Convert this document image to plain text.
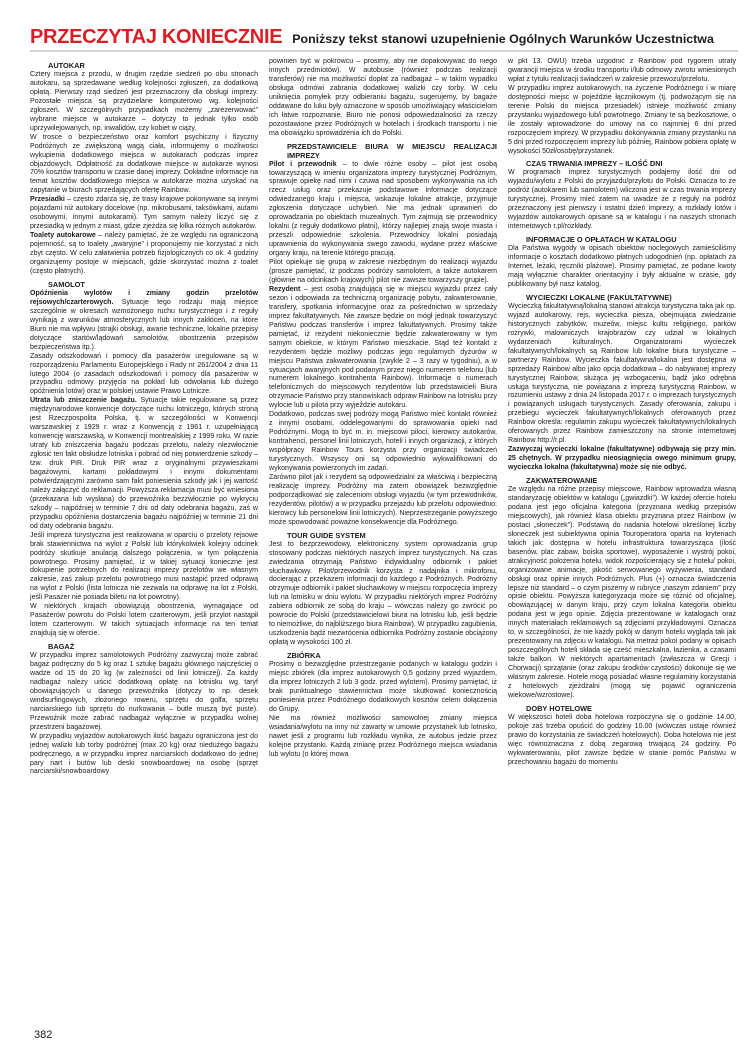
PRZECZYTAJ KONIECZNIE Poniższy tekst stanowi uzupełnienie Ogólnych Warunków Uczestnictwa
AUTOKAR

Cztery miejsca z przodu, w drugim rzędzie siedzeń po obu stronach autokaru, są sprzedawane według kolejności zgłoszeń, za dodatkową opłatą. Pierwszy rząd siedzeń jest przeznaczony dla obsługi imprezy. Pozostałe miejsca są przydzielane komputerowo wg. kolejności zgłoszeń. W szczególnych przypadkach możemy „zarezerwować” wybrane miejsce w autokarze – dotyczy to jednak tylko osób uprzywilejowanych, np. inwalidów, czy kobiet w ciąży.

W trosce o bezpieczeństwo oraz komfort psychiczny i fizyczny Podróżnych ze zwiększoną wagą ciała, informujemy o możliwości wykupienia dodatkowego miejsca w autokarach podczas imprez objazdowych. Odpłatność za dodatkowe miejsce w autokarze wynosi 70% kosztów transportu w czasie danej imprezy. Dokładne informacje na temat kosztów dodatkowego miejsca w autokarze można uzyskać na zapytanie w biurach sprzedających ofertę Rainbow.

Przesiadki – często zdarza się, że trasy krajowe pokonywane są innymi pojazdami niż autokary docelowe (np. mikrobusami, taksówkami, autami osobowymi, innymi autokarami). Tym samym należy liczyć się z przesiadką w jednym z miast, gdzie zjeżdża się kilka różnych autokarów.

Toalety autokarowe – należy pamiętać, że ze względu na ograniczoną pojemność, są to toalety „awaryjne” i proponujemy nie korzystać z nich zbyt często. W celu załatwienia potrzeb fizjologicznych co ok. 4 godziny organizujemy postoje w miejscach, gdzie skorzystać można z toalet (często płatnych).

SAMOLOT

Opóźnienia wylotów i zmiany godzin przelotów rejsowych/czarterowych. Sytuacje tego rodzaju mają miejsce szczególnie w okresach wzmożonego ruchu turystycznego i z reguły wynikają z warunków atmosferycznych lub innych zakłóceń, na które Biuro nie ma wpływu (strajki obsługi, awarie techniczne, lokalne przepisy dotyczące startów/lądowań samolotów, obostrzenia przepisów bezpieczeństwa itp.).

Zasady odszkodowań i pomocy dla pasażerów uregulowane są w rozporządzeniu Parlamentu Europejskiego i Rady nr 261/2004 z dnia 11 lutego 2004 (o zasadach odszkodowań i pomocy dla pasażerów w przypadku odmowy przyjęcia na pokład lub odwołania lub dużego opóźnienia lotów) oraz w polskiej ustawie Prawo Lotnicze.

Utrata lub zniszczenie bagażu. Sytuacje takie regulowane są przez międzynarodowe konwencje dotyczące ruchu lotniczego, których stroną jest Rzeczpospolita Polska, tj. w szczególności w Konwencji warszawskiej z 1929 r. wraz z Konwencją z 1961 r. uzupełniającą konwencję warszawską, w Konwencji montrealskiej z 1999 roku. W razie utraty lub zniszczenia bagażu podczas przelotu, należy niezwłocznie zgłosić ten fakt obsłudze lotniska i pobrać od niej potwierdzenie szkody – tzw. druk PIR. Druk PIR wraz z oryginalnymi przywieszkami bagażowymi, kartami pokładowymi i innymi dokumentami potwierdzającymi zarówno sam fakt poniesienia szkody jak i jej wartość należy załączyć do reklamacji. Powyższa reklamacja musi być wniesiona (przekazana lub wysłana) do przewoźnika bezzwłocznie po wykryciu szkody – najpóźniej w terminie 7 dni od daty odebrania bagażu, zaś w przypadku opóźnienia dostarczenia bagażu najpóźniej w terminie 21 dni od daty odebrania bagażu.

Jeśli impreza turystyczna jest realizowana w oparciu o przeloty rejsowe brak stawiennictwa na wylot z Polski lub którykolwiek kolejny odcinek podróży skutkuje anulacją dalszego połączenia, w tym połączenia powrotnego. Prosimy pamiętać, iż w takiej sytuacji konieczne jest dokupienie potrzebnych do realizacji imprezy przelotów we własnym zakresie, zaś zakup przelotu powrotnego musi nastąpić przed odprawą na wylot z Polski (lista lotnicza nie zezwala na odprawę na lot z Polski, jeśli Pasażer nie posiada biletu na lot powrotny).

W niektórych krajach obowiązują obostrzenia, wymagające od Pasażerów powrotu do Polski lotem czarterowym, jeśli przylot nastąpił lotem czarterowym. W takich sytuacjach informacje na ten temat znajdują się w ofercie.

BAGAŻ

W przypadku imprez samolotowych Podróżny zazwyczaj może zabrać bagaż podręczny do 5 kg oraz 1 sztukę bagażu głównego najczęściej o wadze od 15 do 20 kg (w zależności od linii lotniczej). Za każdy nadbagaż należy uiścić dodatkową opłatę na lotnisku wg taryf obowiązujących u danego przewoźnika (dotyczy to np. desek windsurfingowych, złożonego roweru, sprzętu do golfa, sprzętu narciarskiego lub sprzętu do nurkowania – butle muszą być puste). Przewoźnik może zabrać nadbagaż wyłącznie w przypadku wolnej przestrzeni bagażowej.

W przypadku wyjazdów autokarowych ilość bagażu ograniczona jest do jednej walizki lub torby podróżnej (max 20 kg) oraz niedużego bagażu podręcznego, a w przypadku imprez narciarskich dodatkowo do jednej pary nart i butów lub deski snowboardowej na osobę (sprzęt narciarski/snowboardowy

powinien być w pokrowcu – prosimy, aby nie dopakowywać do niego innych przedmiotów). W autobusie (również podczas realizacji transferów) nie ma możliwości dopłat za nadbagaż – w takim wypadku obsługa odmówi zabrania dodatkowej walizki czy torby. W celu uniknięcia pomyłek przy odbieraniu bagażu, sugerujemy, by bagaże oddawane do luku były oznaczone w sposób umożliwiający właścicielom ich łatwe rozpoznanie. Biuro nie ponosi odpowiedzialności za rzeczy pozostawione przez Podróżnych w hotelach i środkach transportu i nie ma obowiązku sprowadzenia ich do Polski.

PRZEDSTAWICIELE BIURA W MIEJSCU REALIZACJI IMPREZY

Pilot i przewodnik – to dwie różne osoby – pilot jest osobą towarzyszącą w imieniu organizatora imprezy turystycznej Podróżnym, sprawuje opiekę nad nimi i czuwa nad sposobem wykonywania na ich rzecz usług oraz przekazuje podstawowe informacje dotyczące odwiedzanego kraju i miejsca, wskazuje lokalne atrakcje, przyjmuje zgłoszenia dotyczące uchybień. Nie ma jednak uprawnień do oprowadzania po obiektach muzealnych. Tym zajmują się przewodnicy lokalni (z reguły dodatkowo płatni), którzy najlepiej znają swoje miasta i przeszli odpowiednie szkolenia. Przewodnicy lokalni posiadają uprawnienia do wykonywania swego zawodu, wydane przez właściwe organy kraju, na terenie którego pracują.

Pilot opiekuje się grupą w zakresie niezbędnym do realizacji wyjazdu (prosze pamiętać, iż podczas podróży samolotem, a także autokarem (głównie na odcinkach krajowych) pilot nie zawsze towarzyszy grupie).

Rezydent – jest osobą znajdującą się w miejscu wyjazdu przez cały sezon i odpowiada za techniczną organizację pobytu, zakwaterowanie, transfery, spotkania informacyjne oraz za pośrednictwo w sprzedaży imprez fakultatywnych. Nie zawsze będzie on mógł jednak towarzyszyć Państwu podczas transferów i imprez fakultatywnych. Prosimy także pamiętać, iż rezydent niekoniecznie będzie zakwaterowany w tym samym obiekcie, w którym Państwo mieszkacie. Stąd też kontakt z rezydentem będzie możliwy podczas jego regularnych dyżurów w miejscu Państwa zakwaterowania (zwykle 2 – 3 razy w tygodniu), a w sytuacjach awaryjnych pod podanym przez niego numerem telefonu (lub numerem lokalnego kontrahenta Rainbow). Informacje o numerach telefonicznych do miejscowych rezydentów lub przedstawicieli Biura otrzymacie Państwo przy stanowiskach odpraw Rainbow na lotnisku przy wylocie lub u pilota przy wyjeździe autokaru.

Dodatkowo, podczas swej podróży mogą Państwo mieć kontakt również z innymi osobami, oddelegowanymi do sprawowania opieki nad Podróżnymi. Mogą to być m. in. miejscowi piloci, kierowcy autokarów, kontrahenci, personel linii lotniczych, hoteli i innych organizacji, z których współpracy Rainbow Tours korzysta przy organizacji świadczeń turystycznych. Wszyscy oni są odpowiednio wykwalifikowani do wykonywania powierzonych im zadań.

Zarówno pilot jak i rezydent są odpowiedzialni za właściwą i bezpieczną realizację imprezy. Podróżny ma zatem obowiązek bezwzględnie podporządkować się zaleceniom obsługi wyjazdu (w tym przewodników, rezydentów, pilotów) a w przypadku przejazdu lub przelotu odpowiednio: kierowcy lub personelowi linii lotniczych). Nieprzestrzeganie powyższego może spowodować poważne konsekwencje dla Podróżnego.

TOUR GUIDE SYSTEM

Jest to bezprzewodowy, elektroniczny system oprowadzania grup stosowany podczas niektórych naszych imprez turystycznych. Na czas zwiedzania otrzymają Państwo indywidualny odbiornik i pakiet słuchawkowy. Pilot/przewodnik korzysta z nadajnika i mikrofonu, docierając z przekazem informacji do każdego z Podróżnych. Podróżny otrzymuje odbiornik i pakiet słuchawkowy w miejscu rozpoczęcia imprezy lub na lotnisku w dniu wylotu. W przypadku niektórych imprez Podróżny zabiera odbiornik ze sobą do kraju – wówczas należy go zwrócić po powrocie do Polski (przedstawicielowi biura na lotnisku lub, jeśli będzie to niemożliwe, do najbliższego biura Rainbow). W przypadku zagubienia, uszkodzenia bądź niezwrócenia odbiornika Podróżny zostanie obciążony opłatą w wysokości 100 zł.

ZBIÓRKA

Prosimy o bezwzględne przestrzeganie podanych w katalogu godzin i miejsc zbiórek (dla imprez autokarowych 0,5 godziny przed wyjazdem, dla imprez lotniczych 2 lub 3 godz. przed wylotem). Prosimy pamiętać, iż brak punktualnego stawiennictwa może skutkować koniecznością poniesienia przez Podróżnego dodatkowych kosztów celem dołączenia do Grupy.

Nie ma również możliwości samowolnej zmiany miejsca wsiadania/wylotu na inny niż zawarty w umowie przystanek lub lotnisko, nawet jeśli z programu lub rozkładu wynika, że autobus jedzie przez kolejne przystanki. Każdą zmianę przez Podróżnego miejsca wsiadania lub wylotu (o której mowa

w pkt 13. OWU) trzeba uzgodnić z Rainbow pod rygorem utraty gwarancji miejsca w środku transportu i/lub odmowy zwrotu wniesionych wpłat z tytułu realizacji świadczeń w zakresie przewozu/przelotu.

W przypadku imprez autokarowych, na życzenie Podróżnego i w miarę dostępności miejsc w pojeździe łącznikowym (tj. podwożącym się na terenie Polski do miejsca przesiadek) istnieje możliwość zmiany przystanku wyjazdowego lub/i powrotnego. Zmiany te są bezkosztowe, o ile zostały wprowadzone do umowy na co najmniej 6 dni przed rozpoczęciem imprezy. W przypadku dokonywania zmiany przystanku na 5 dni przed rozpoczęciem imprezy lub później, Rainbow pobiera opłatę w wysokości 50zł/osobę/przystanek.

CZAS TRWANIA IMPREZY – ILOŚĆ DNI

W programach imprez turystycznych podajemy ilość dni od wyjazdu/wylotu z Polski do przyjazdu/przylotu do Polski. Oznacza to że podróż (autokarem lub samolotem) wliczona jest w czas trwania imprezy turystycznej. Prosimy mieć zatem na uwadze że z reguły na podróż przeznaczony jest pierwszy i ostatni dzień imprezy, a rozkłady lotów i wyjazdów autokarowych opisane są w katalogu i na naszych stronach internetowych r.pl/rozkłady.

INFORMACJE O OPŁATACH W KATALOGU

Dla Państwa wygody w opisach obiektów noclegowych zamieściliśmy informacje o kosztach dodatkowo płatnych udogodnień (np. opłatach za Internet, leżaki, ręczniki plażowe). Prosimy pamiętać, że podane kwoty mają wyłącznie charakter orientacyjny i były aktualne w czasie, gdy publikowany był nasz katalog.

WYCIECZKI LOKALNE (FAKULTATYWNE)

Wycieczką fakultatywną/lokalną stanowi atrakcja turystyczna taka jak np. wyjazd autokarowy, rejs, wycieczka piesza, obejmująca zwiedzanie historycznych zabytków, muzeów, miejsc kultu religijnego, parków rozrywki, malowniczych krajobrazów czy udział w lokalnych wydarzeniach kulturalnych. Organizatorami wycieczek fakultatywnych/lokalnych są Rainbow lub lokalne biura turystyczne – partnerzy Rainbow. Wycieczka fakultatywna/lokalna jest dostępna w sprzedaży Rainbow albo jako opcja dodatkowa – do nabywanej imprezy turystycznej Rainbow, służąca jej wzbogaceniu, bądź jako odrębna usługa turystyczna, nie powiązana z imprezą turystyczną Rainbow, w rozumieniu ustawy z dnia 24 listopada 2017 r. o imprezach turystycznych i powiązanych usługach turystycznych. Zasady oferowania, zakupu i przebiegu wycieczek fakultatywnych/lokalnych oferowanych przez Rainbow określa: regulamin zakupu wycieczek fakultatywnych/lokalnych oferowanych przez Rainbow zamieszczony na stronie internetowej Rainbow http://r.pl.

Zazwyczaj wycieczki lokalne (fakultatywne) odbywają się przy min. 25 chętnych. W przypadku nieosiągnięcia owego minimum grupy, wycieczka lokalna (fakultatywna) może się nie odbyć.

ZAKWATEROWANIE

Ze względu na różne przepisy miejscowe, Rainbow wprowadza własną standaryzację obiektów w katalogu („gwiazdki”). W każdej ofercie hotelu podana jest jego oficjalna kategoria (przyznana według przepisów miejscowych), jak również klasa obiektu przyznana przez Rainbow (w postaci „słoneczek”). Podstawą do nadania hotelowi określonej liczby słoneczek jest subiektywna opinia Touroperatora oparta na kryteriach takich jak: dostępna w hotelu infrastruktura towarzysząca (ilość basenów, plac zabaw, boiska sportowe), wyposażenie i wystrój pokoi, atrakcyjność położenia hotelu, widok rozpościerający się z hotelu/ pokoi, organizowane animacje, jakość serwowanego wyżywienia, standard obsługi oraz opinie innych Podróżnych. Plus (+) oznacza świadczenia lepsze niż standard – o czym piszemy w rubryce „naszym zdaniem” przy opisie obiektu. Powyższa kategoryzacja może się różnić od oficjalnej, obowiązującej w danym kraju, przy czym lokalna kategoria obiektu podana jest w jego opisie. Zdjęcia prezentowane w katalogach oraz innych materiałach reklamowych są zdjęciami przykładowymi. Oznacza to, w szczególności, że nie każdy pokój w danym hotelu wygląda tak jak prezentowany na zdjęciu w katalogu. Na metraż pokoi podany w opisach poszczególnych hoteli składa się cześć mieszkalna, łazienka, a czasami także balkon. W niektórych apartamentach (zwłaszcza w Grecji i Chorwacji) sprzątanie (oraz zakupu środków czystości) dokonuje się we własnym zakresie. Hotele mogą posiadać własne regulaminy korzystania z hotelowych zjeżdżalni (mogą się pojawić ograniczenia wiekowe/wzrostowe).

DOBY HOTELOWE

W większości hoteli doba hotelowa rozpoczyna się o godzinie 14.00, pokoje zaś trzeba opuścić do godziny 10.00 (wówczas ustaje również prawo do korzystania ze świadczeń hotelowych). Doba hotelowa nie jest więc równoznaczna z dobą zegarową trwającą 24 godziny. Po wykwaterowaniu, pilot zawsze będzie w stanie pomóc Państwu w przechowaniu bagażu do momentu

382
